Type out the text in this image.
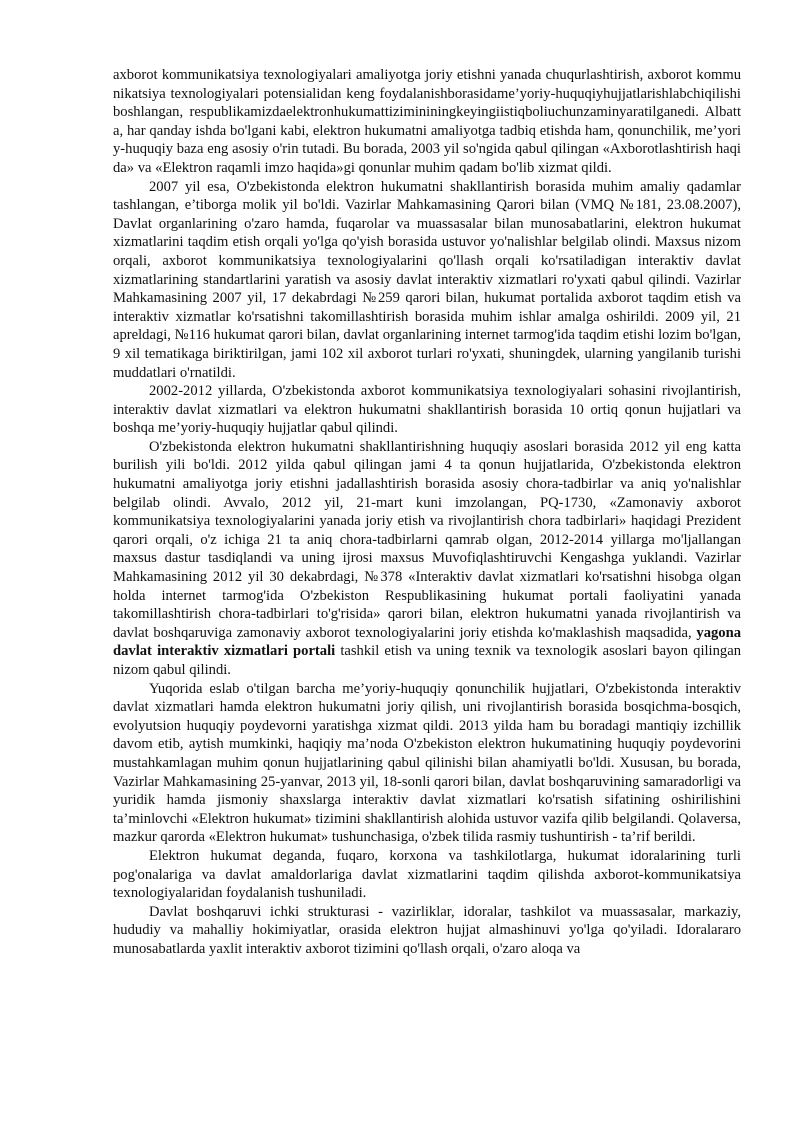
axborot kommunikatsiya texnologiyalari amaliyotga joriy etishni yanada chuqurlashtirish, axborot kommunikatsiya texnologiyalari potensialidan keng foydalanishborasidame’yoriy-huquqiyhujjatlarishlabchiqilishiboshlangan, respublikamizdaelektronhukumattizimininingkeyingiistiqboliuchunzaminyaratilganedi. Albatta, har qanday ishda bo'lgani kabi, elektron hukumatni amaliyotga tadbiq etishda ham, qonunchilik, me’yoriy-huquqiy baza eng asosiy o'rin tutadi. Bu borada, 2003 yil so'ngida qabul qilingan «Axborotlashtirish haqida» va «Elektron raqamli imzo haqida»gi qonunlar muhim qadam bo'lib xizmat qildi.

2007 yil esa, O'zbekistonda elektron hukumatni shakllantirish borasida muhim amaliy qadamlar tashlangan, e’tiborga molik yil bo'ldi. Vazirlar Mahkamasining Qarori bilan (VMQ №181, 23.08.2007), Davlat organlarining o'zaro hamda, fuqarolar va muassasalar bilan munosabatlarini, elektron hukumat xizmatlarini taqdim etish orqali yo'lga qo'yish borasida ustuvor yo'nalishlar belgilab olindi. Maxsus nizom orqali, axborot kommunikatsiya texnologiyalarini qo'llash orqali ko'rsatiladigan interaktiv davlat xizmatlarining standartlarini yaratish va asosiy davlat interaktiv xizmatlari ro'yxati qabul qilindi. Vazirlar Mahkamasining 2007 yil, 17 dekabrdagi №259 qarori bilan, hukumat portalida axborot taqdim etish va interaktiv xizmatlar ko'rsatishni takomillashtirish borasida muhim ishlar amalga oshirildi. 2009 yil, 21 apreldagi, №116 hukumat qarori bilan, davlat organlarining internet tarmog'ida taqdim etishi lozim bo'lgan, 9 xil tematikaga biriktirilgan, jami 102 xil axborot turlari ro'yxati, shuningdek, ularning yangilanib turishi muddatlari o'rnatildi.

2002-2012 yillarda, O'zbekistonda axborot kommunikatsiya texnologiyalari sohasini rivojlantirish, interaktiv davlat xizmatlari va elektron hukumatni shakllantirish borasida 10 ortiq qonun hujjatlari va boshqa me’yoriy-huquqiy hujjatlar qabul qilindi.

O'zbekistonda elektron hukumatni shakllantirishning huquqiy asoslari borasida 2012 yil eng katta burilish yili bo'ldi. 2012 yilda qabul qilingan jami 4 ta qonun hujjatlarida, O'zbekistonda elektron hukumatni amaliyotga joriy etishni jadallashtirish borasida asosiy chora-tadbirlar va aniq yo'nalishlar belgilab olindi. Avvalo, 2012 yil, 21-mart kuni imzolangan, PQ-1730, «Zamonaviy axborot kommunikatsiya texnologiyalarini yanada joriy etish va rivojlantirish chora tadbirlari» haqidagi Prezident qarori orqali, o'z ichiga 21 ta aniq chora-tadbirlarni qamrab olgan, 2012-2014 yillarga mo'ljallangan maxsus dastur tasdiqlandi va uning ijrosi maxsus Muvofiqlashtiruvchi Kengashga yuklandi. Vazirlar Mahkamasining 2012 yil 30 dekabrdagi, №378 «Interaktiv davlat xizmatlari ko'rsatishni hisobga olgan holda internet tarmog'ida O'zbekiston Respublikasining hukumat portali faoliyatini yanada takomillashtirish chora-tadbirlari to'g'risida» qarori bilan, elektron hukumatni yanada rivojlantirish va davlat boshqaruviga zamonaviy axborot texnologiyalarini joriy etishda ko'maklashish maqsadida, yagona davlat interaktiv xizmatlari portali tashkil etish va uning texnik va texnologik asoslari bayon qilingan nizom qabul qilindi.

Yuqorida eslab o'tilgan barcha me’yoriy-huquqiy qonunchilik hujjatlari, O'zbekistonda interaktiv davlat xizmatlari hamda elektron hukumatni joriy qilish, uni rivojlantirish borasida bosqichma-bosqich, evolyutsion huquqiy poydevorni yaratishga xizmat qildi. 2013 yilda ham bu boradagi mantiqiy izchillik davom etib, aytish mumkinki, haqiqiy ma’noda O'zbekiston elektron hukumatining huquqiy poydevorini mustahkamlagan muhim qonun hujjatlarining qabul qilinishi bilan ahamiyatli bo'ldi. Xususan, bu borada, Vazirlar Mahkamasining 25-yanvar, 2013 yil, 18-sonli qarori bilan, davlat boshqaruvining samaradorligi va yuridik hamda jismoniy shaxslarga interaktiv davlat xizmatlari ko'rsatish sifatining oshirilishini ta’minlovchi «Elektron hukumat» tizimini shakllantirish alohida ustuvor vazifa qilib belgilandi. Qolaversa, mazkur qarorda «Elektron hukumat» tushunchasiga, o'zbek tilida rasmiy tushuntirish - ta’rif berildi.

Elektron hukumat deganda, fuqaro, korxona va tashkilotlarga, hukumat idoralarining turli pog'onalariga va davlat amaldorlariga davlat xizmatlarini taqdim qilishda axborot-kommunikatsiya texnologiyalaridan foydalanish tushuniladi.

Davlat boshqaruvi ichki strukturasi - vazirliklar, idoralar, tashkilot va muassasalar, markaziy, hududiy va mahalliy hokimiyatlar, orasida elektron hujjat almashinuvi yo'lga qo'yiladi. Idoralararo munosabatlarda yaxlit interaktiv axborot tizimini qo'llash orqali, o'zaro aloqa va
